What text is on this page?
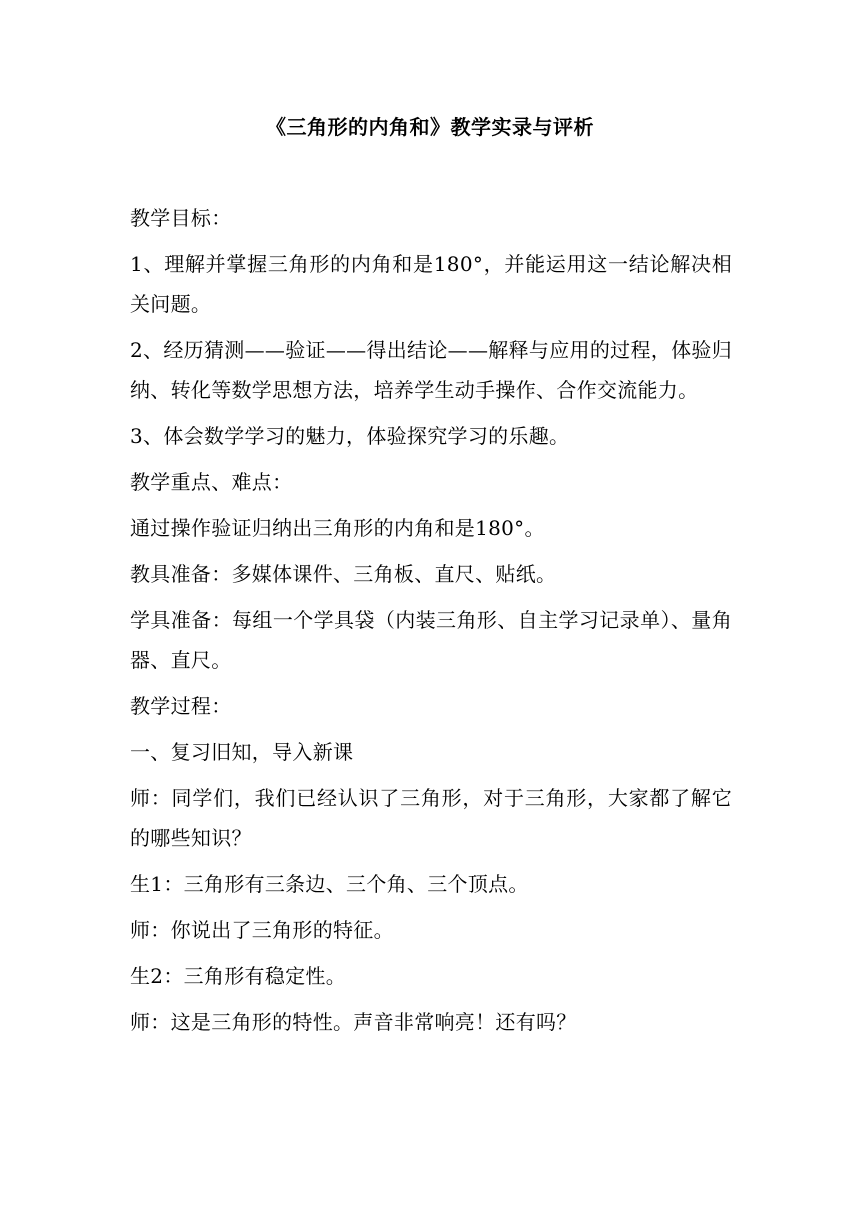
《三角形的内角和》教学实录与评析

教学目标：

1、理解并掌握三角形的内角和是180°，并能运用这一结论解决相关问题。

2、经历猜测——验证——得出结论——解释与应用的过程，体验归纳、转化等数学思想方法，培养学生动手操作、合作交流能力。

3、体会数学学习的魅力，体验探究学习的乐趣。

教学重点、难点：

通过操作验证归纳出三角形的内角和是180°。

教具准备：多媒体课件、三角板、直尺、贴纸。

学具准备：每组一个学具袋（内装三角形、自主学习记录单）、量角器、直尺。

教学过程：

一、复习旧知，导入新课

师：同学们，我们已经认识了三角形，对于三角形，大家都了解它的哪些知识？

生1：三角形有三条边、三个角、三个顶点。

师：你说出了三角形的特征。

生2：三角形有稳定性。

师：这是三角形的特性。声音非常响亮！还有吗？
